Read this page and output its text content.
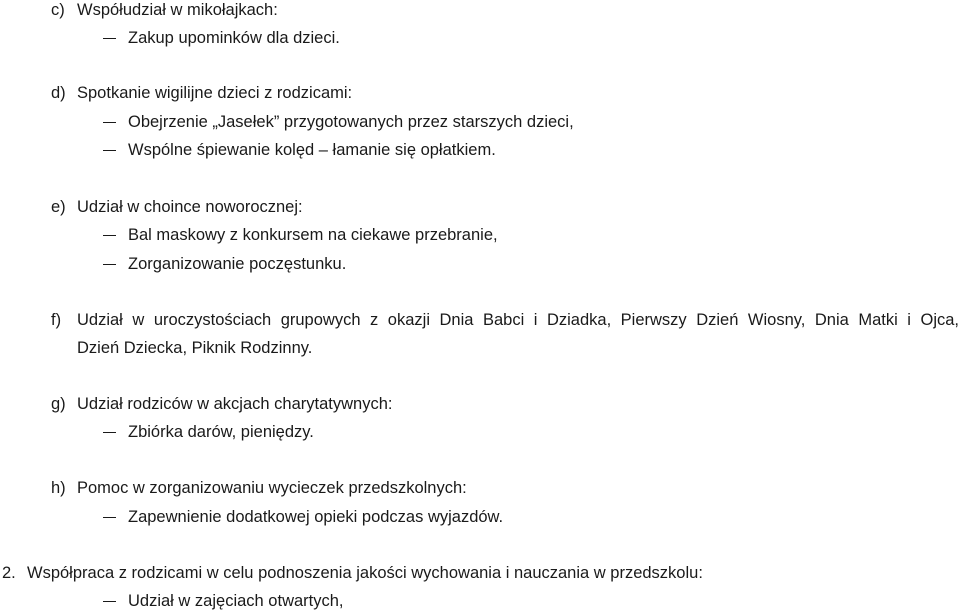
c) Współudział w mikołajkach:
Zakup upominków dla dzieci.
d) Spotkanie wigilijne dzieci z rodzicami:
Obejrzenie „Jasełek” przygotowanych przez starszych dzieci,
Wspólne śpiewanie kolęd – łamanie się opłatkiem.
e) Udział w choince noworocznej:
Bal maskowy z konkursem na ciekawe przebranie,
Zorganizowanie poczęstunku.
f) Udział w uroczystościach grupowych z okazji Dnia Babci i Dziadka, Pierwszy Dzień Wiosny, Dnia Matki i Ojca,
Dzień Dziecka, Piknik Rodzinny.
g) Udział rodziców w akcjach charytatywnych:
Zbiórka darów, pieniędzy.
h) Pomoc w zorganizowaniu wycieczek przedszkolnych:
Zapewnienie dodatkowej opieki podczas wyjazdów.
2. Współpraca z rodzicami w celu podnoszenia jakości wychowania i nauczania w przedszkolu:
Udział w zajęciach otwartych,
